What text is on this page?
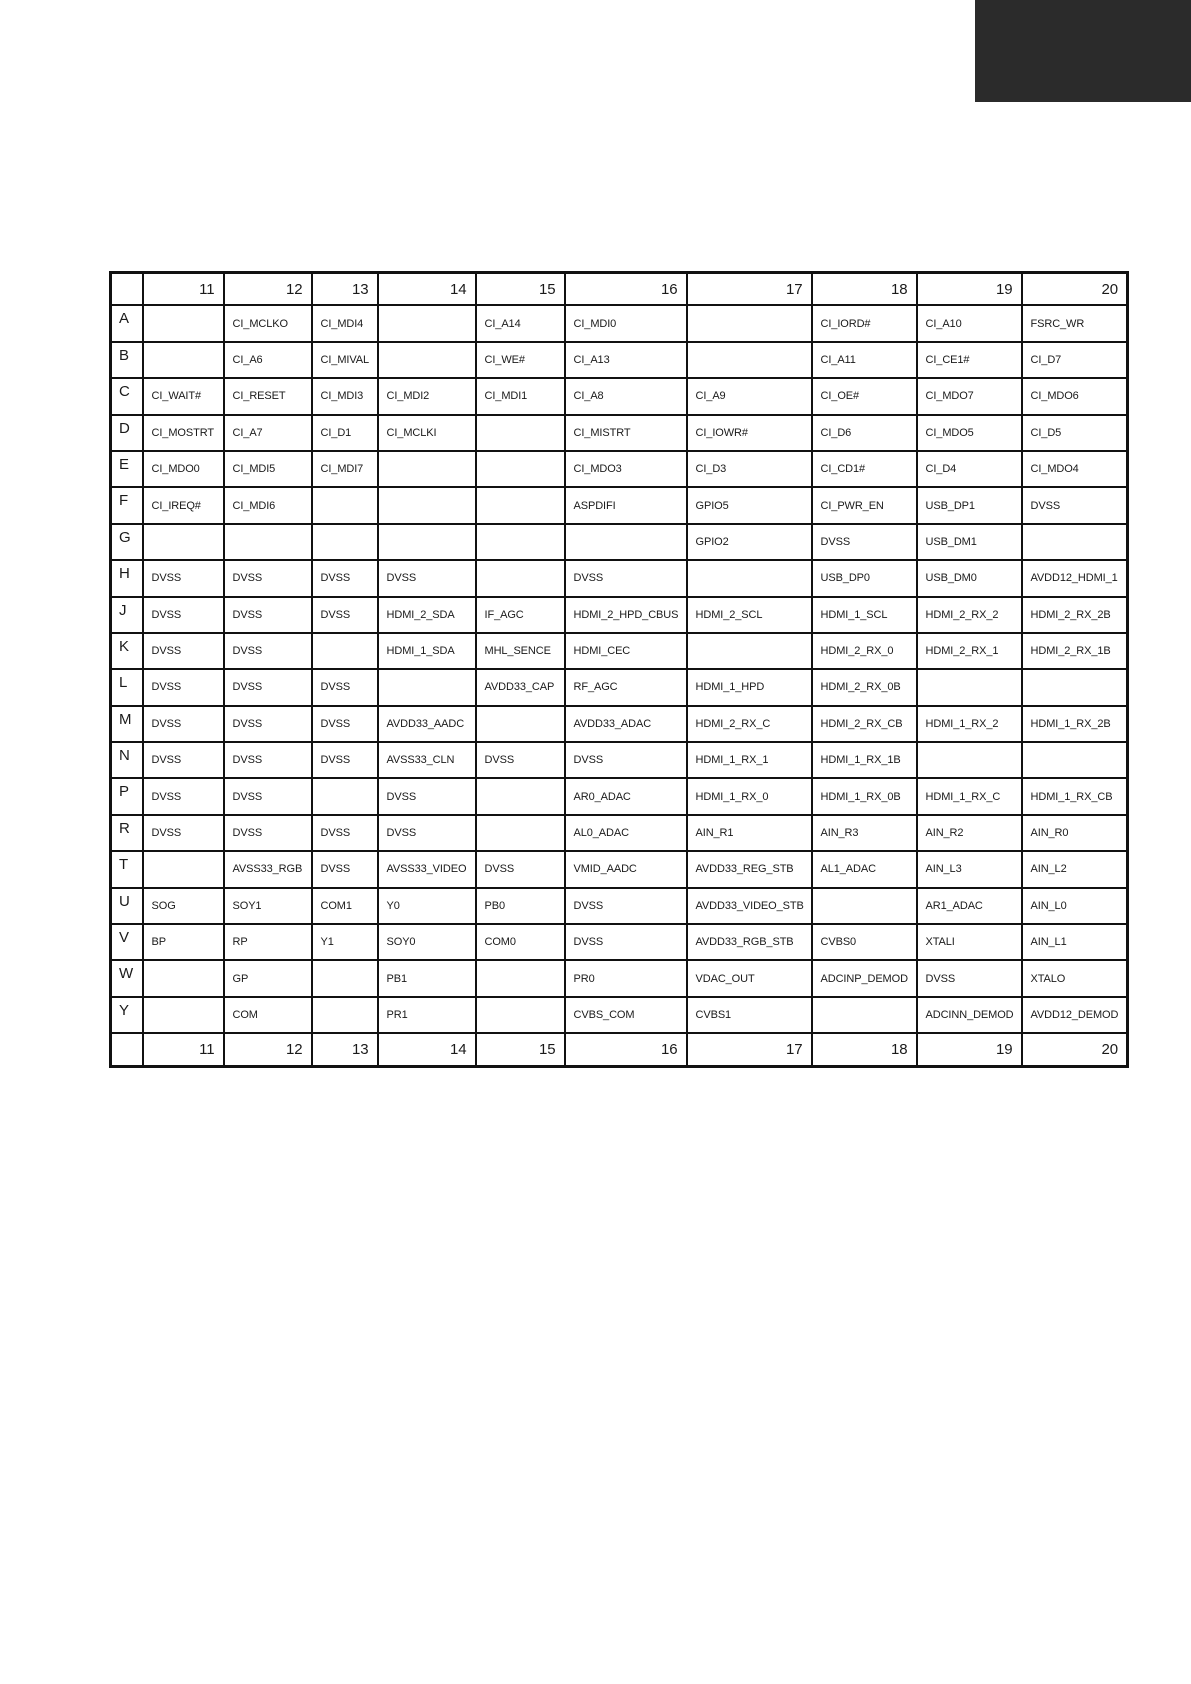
	11	12	13	14	15	16	17	18	19	20
A		CI_MCLKO	CI_MDI4		CI_A14	CI_MDI0		CI_IORD#	CI_A10	FSRC_WR
B		CI_A6	CI_MIVAL		CI_WE#	CI_A13		CI_A11	CI_CE1#	CI_D7
C	CI_WAIT#	CI_RESET	CI_MDI3	CI_MDI2	CI_MDI1	CI_A8	CI_A9	CI_OE#	CI_MDO7	CI_MDO6
D	CI_MOSTRT	CI_A7	CI_D1	CI_MCLKI		CI_MISTRT	CI_IOWR#	CI_D6	CI_MDO5	CI_D5
E	CI_MDO0	CI_MDI5	CI_MDI7			CI_MDO3	CI_D3	CI_CD1#	CI_D4	CI_MDO4
F	CI_IREQ#	CI_MDI6				ASPDIFI	GPIO5	CI_PWR_EN	USB_DP1	DVSS
G							GPIO2	DVSS	USB_DM1	
H	DVSS	DVSS	DVSS	DVSS		DVSS		USB_DP0	USB_DM0	AVDD12_HDMI_1
J	DVSS	DVSS	DVSS	HDMI_2_SDA	IF_AGC	HDMI_2_HPD_CBUS	HDMI_2_SCL	HDMI_1_SCL	HDMI_2_RX_2	HDMI_2_RX_2B
K	DVSS	DVSS		HDMI_1_SDA	MHL_SENCE	HDMI_CEC		HDMI_2_RX_0	HDMI_2_RX_1	HDMI_2_RX_1B
L	DVSS	DVSS	DVSS		AVDD33_CAP	RF_AGC	HDMI_1_HPD	HDMI_2_RX_0B		
M	DVSS	DVSS	DVSS	AVDD33_AADC		AVDD33_ADAC	HDMI_2_RX_C	HDMI_2_RX_CB	HDMI_1_RX_2	HDMI_1_RX_2B
N	DVSS	DVSS	DVSS	AVSS33_CLN	DVSS	DVSS	HDMI_1_RX_1	HDMI_1_RX_1B		
P	DVSS	DVSS		DVSS		AR0_ADAC	HDMI_1_RX_0	HDMI_1_RX_0B	HDMI_1_RX_C	HDMI_1_RX_CB
R	DVSS	DVSS	DVSS	DVSS		AL0_ADAC	AIN_R1	AIN_R3	AIN_R2	AIN_R0
T		AVSS33_RGB	DVSS	AVSS33_VIDEO	DVSS	VMID_AADC	AVDD33_REG_STB	AL1_ADAC	AIN_L3	AIN_L2
U	SOG	SOY1	COM1	Y0	PB0	DVSS	AVDD33_VIDEO_STB		AR1_ADAC	AIN_L0
V	BP	RP	Y1	SOY0	COM0	DVSS	AVDD33_RGB_STB	CVBS0	XTALI	AIN_L1
W		GP		PB1		PR0	VDAC_OUT	ADCINP_DEMOD	DVSS	XTALO
Y		COM		PR1		CVBS_COM	CVBS1		ADCINN_DEMOD	AVDD12_DEMOD
	11	12	13	14	15	16	17	18	19	20
